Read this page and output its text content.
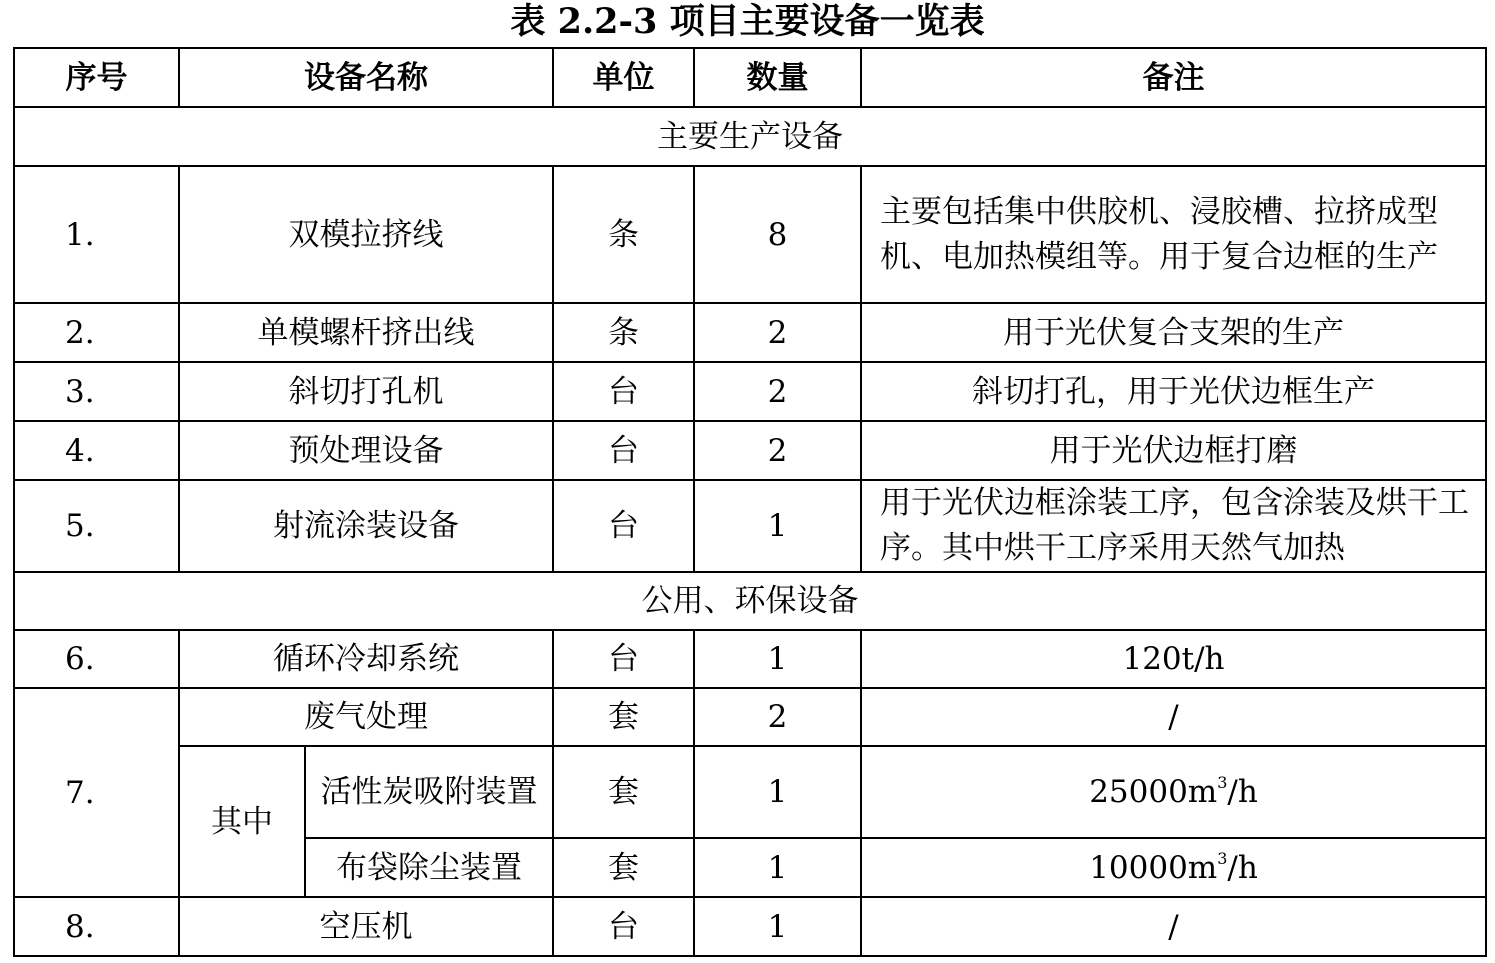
表 2.2-3 项目主要设备一览表
序号	设备名称		单位	数量	备注
主要生产设备					
1.	双模拉挤线		条	8	主要包括集中供胶机、浸胶槽、拉挤成型机、电加热模组等。用于复合边框的生产
2.	单模螺杆挤出线		条	2	用于光伏复合支架的生产
3.	斜切打孔机		台	2	斜切打孔，用于光伏边框生产
4.	预处理设备		台	2	用于光伏边框打磨
5.	射流涂装设备		台	1	用于光伏边框涂装工序，包含涂装及烘干工序。其中烘干工序采用天然气加热
公用、环保设备					
6.	循环冷却系统		台	1	120t/h
7.	废气处理		套	2	/
	其中	活性炭吸附装置	套	1	$25000m^3/h$
		布袋除尘装置	套	1	$10000m^3/h$
8.	空压机		台	1	/
